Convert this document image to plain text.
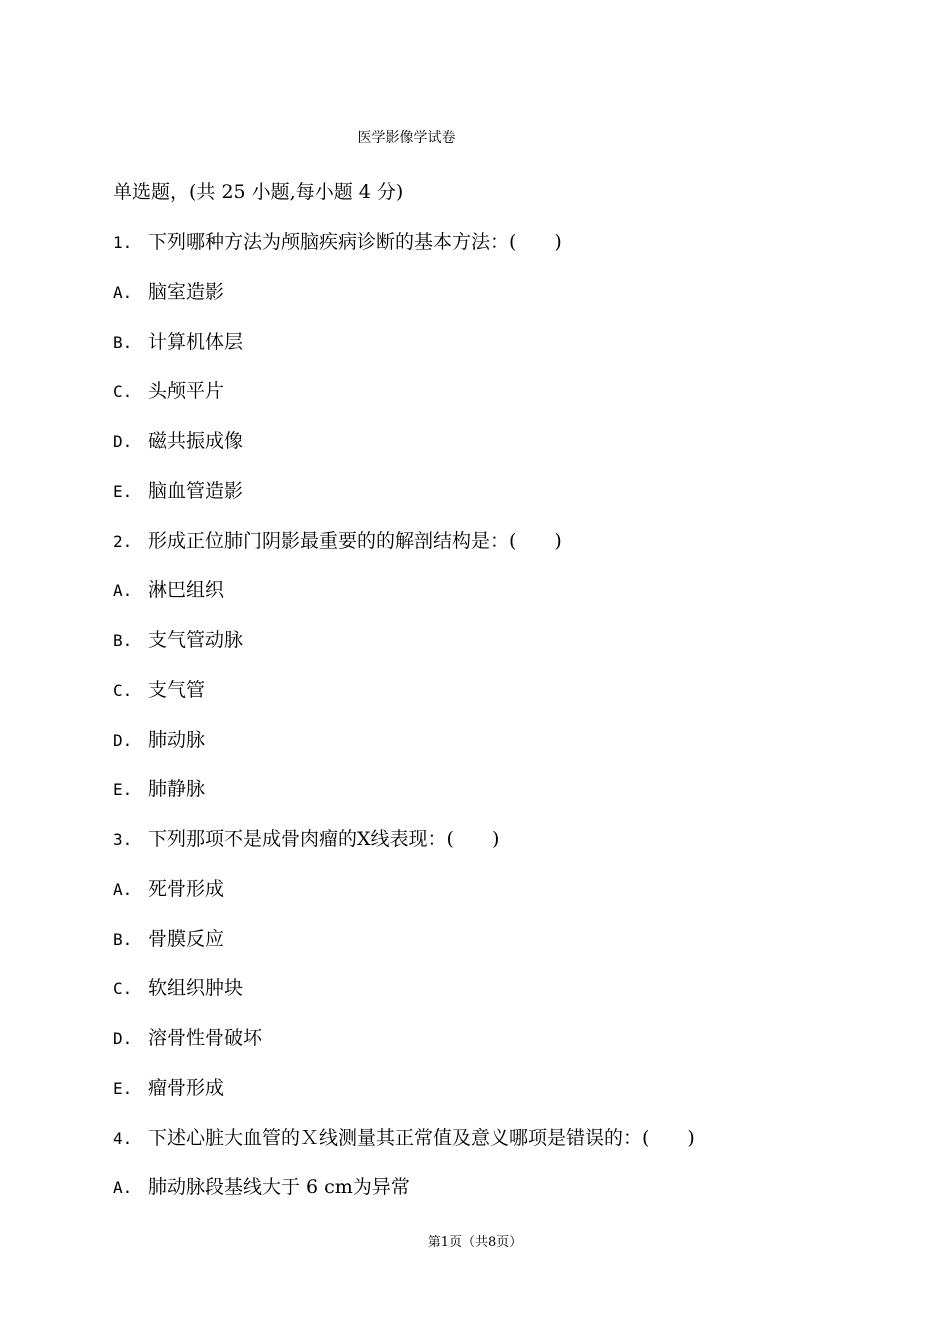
医学影像学试卷
单选题，(共 25 小题,每小题 4 分)
1. 下列哪种方法为颅脑疾病诊断的基本方法：(　　)
A. 脑室造影
B. 计算机体层
C. 头颅平片
D. 磁共振成像
E. 脑血管造影
2. 形成正位肺门阴影最重要的的解剖结构是：(　　)
A. 淋巴组织
B. 支气管动脉
C. 支气管
D. 肺动脉
E. 肺静脉
3. 下列那项不是成骨肉瘤的X线表现：(　　)
A. 死骨形成
B. 骨膜反应
C. 软组织肿块
D. 溶骨性骨破坏
E. 瘤骨形成
4. 下述心脏大血管的Ｘ线测量其正常值及意义哪项是错误的：(　　)
A. 肺动脉段基线大于 6 cm为异常
第1页（共8页）
